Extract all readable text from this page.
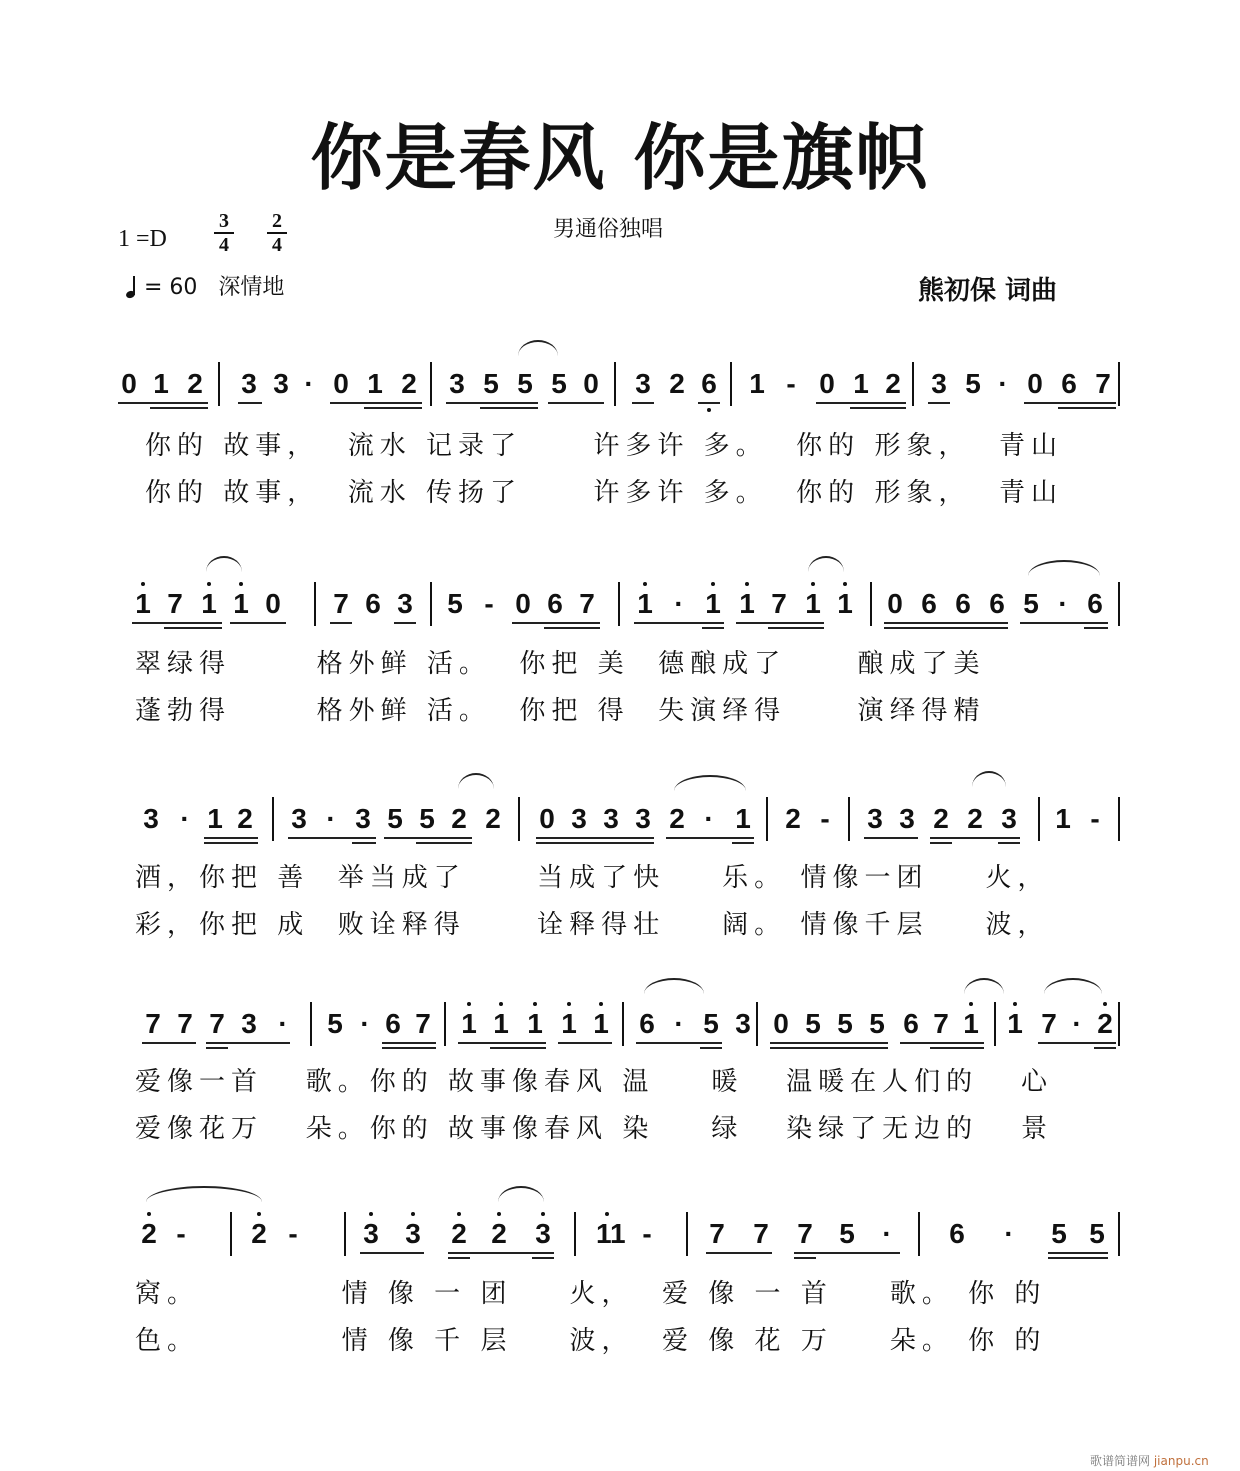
你是春风 你是旗帜
男通俗独唱
$1 =D \frac{3}{4} \frac{2}{4}$
= 60 深情地	熊初保 词曲
0 1 2 3 3 · 0 1 2 3 5 5 5 0 3 2 6 1 - 0 1 2 3 5 · 0 6 7
你的 故事，  流水 记录了     许多许 多。  你的 形象，  青山
你的 故事，  流水 传扬了     许多许 多。  你的 形象，  青山
1 7 1 1 0 7 6 3 5 - 0 6 7 1 · 1 1 7 1 1 0 6 6 6 5 · 6
翠绿得      格外鲜 活。  你把 美  德酿成了     酿成了美
蓬勃得      格外鲜 活。  你把 得  失演绎得     演绎得精
3 · 1 2 3 · 3 5 5 2 2 0 3 3 3 2 · 1 2 - 3 3 2 2 3 1 -
酒，你把 善  举当成了     当成了快    乐。 情像一团    火，
彩，你把 成  败诠释得     诠释得壮    阔。 情像千层    波，
7 7 7 3 · 5 · 6 7 1 1 1 1 1 6 · 5 3 0 5 5 5 6 7 1 1 7 · 2
爱像一首   歌。你的 故事像春风 温    暖   温暖在人们的   心
爱像花万   朵。你的 故事像春风 染    绿   染绿了无边的   景
2 - 2 - 3 3 2 2 3 11 - 7 7 7 5 · 6 · 5 5
窝。          情 像 一 团    火，  爱 像 一 首    歌。 你 的
色。          情 像 千 层    波，  爱 像 花 万    朵。 你 的
歌谱简谱网 jianpu.cn
